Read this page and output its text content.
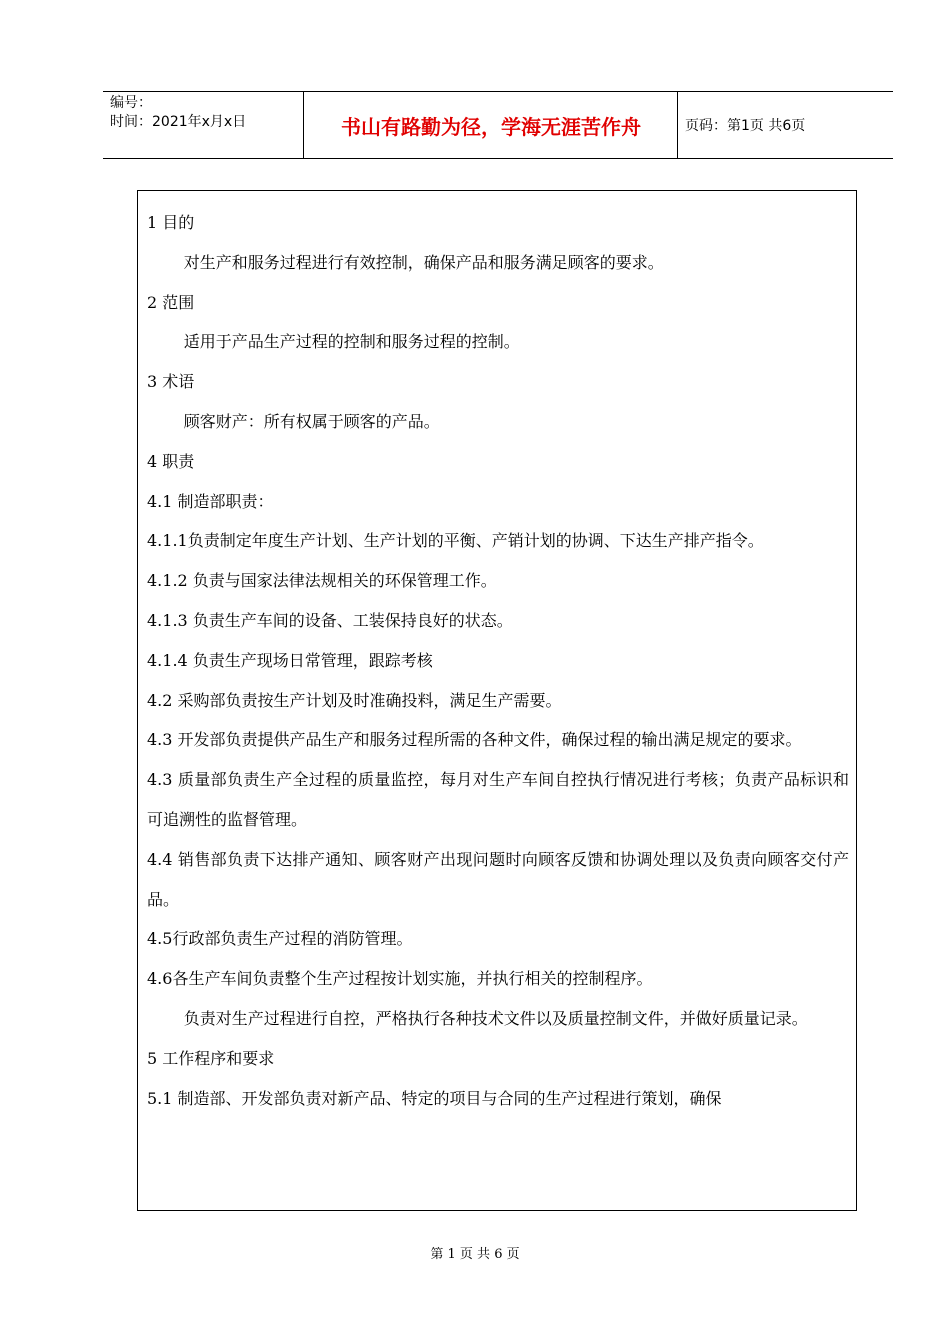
编号：
时间：2021年x月x日	书山有路勤为径，学海无涯苦作舟	页码：第1页 共6页

1 目的

对生产和服务过程进行有效控制，确保产品和服务满足顾客的要求。

2 范围

适用于产品生产过程的控制和服务过程的控制。

3 术语

顾客财产：所有权属于顾客的产品。

4 职责

4.1 制造部职责：

4.1.1负责制定年度生产计划、生产计划的平衡、产销计划的协调、下达生产排产指令。

4.1.2 负责与国家法律法规相关的环保管理工作。

4.1.3 负责生产车间的设备、工装保持良好的状态。

4.1.4 负责生产现场日常管理，跟踪考核

4.2 采购部负责按生产计划及时准确投料，满足生产需要。

4.3 开发部负责提供产品生产和服务过程所需的各种文件，确保过程的输出满足规定的要求。

4.3 质量部负责生产全过程的质量监控，每月对生产车间自控执行情况进行考核；负责产品标识和可追溯性的监督管理。

4.4 销售部负责下达排产通知、顾客财产出现问题时向顾客反馈和协调处理以及负责向顾客交付产品。

4.5行政部负责生产过程的消防管理。

4.6各生产车间负责整个生产过程按计划实施，并执行相关的控制程序。

负责对生产过程进行自控，严格执行各种技术文件以及质量控制文件，并做好质量记录。

5 工作程序和要求

5.1 制造部、开发部负责对新产品、特定的项目与合同的生产过程进行策划，确保

第 1 页 共 6 页
